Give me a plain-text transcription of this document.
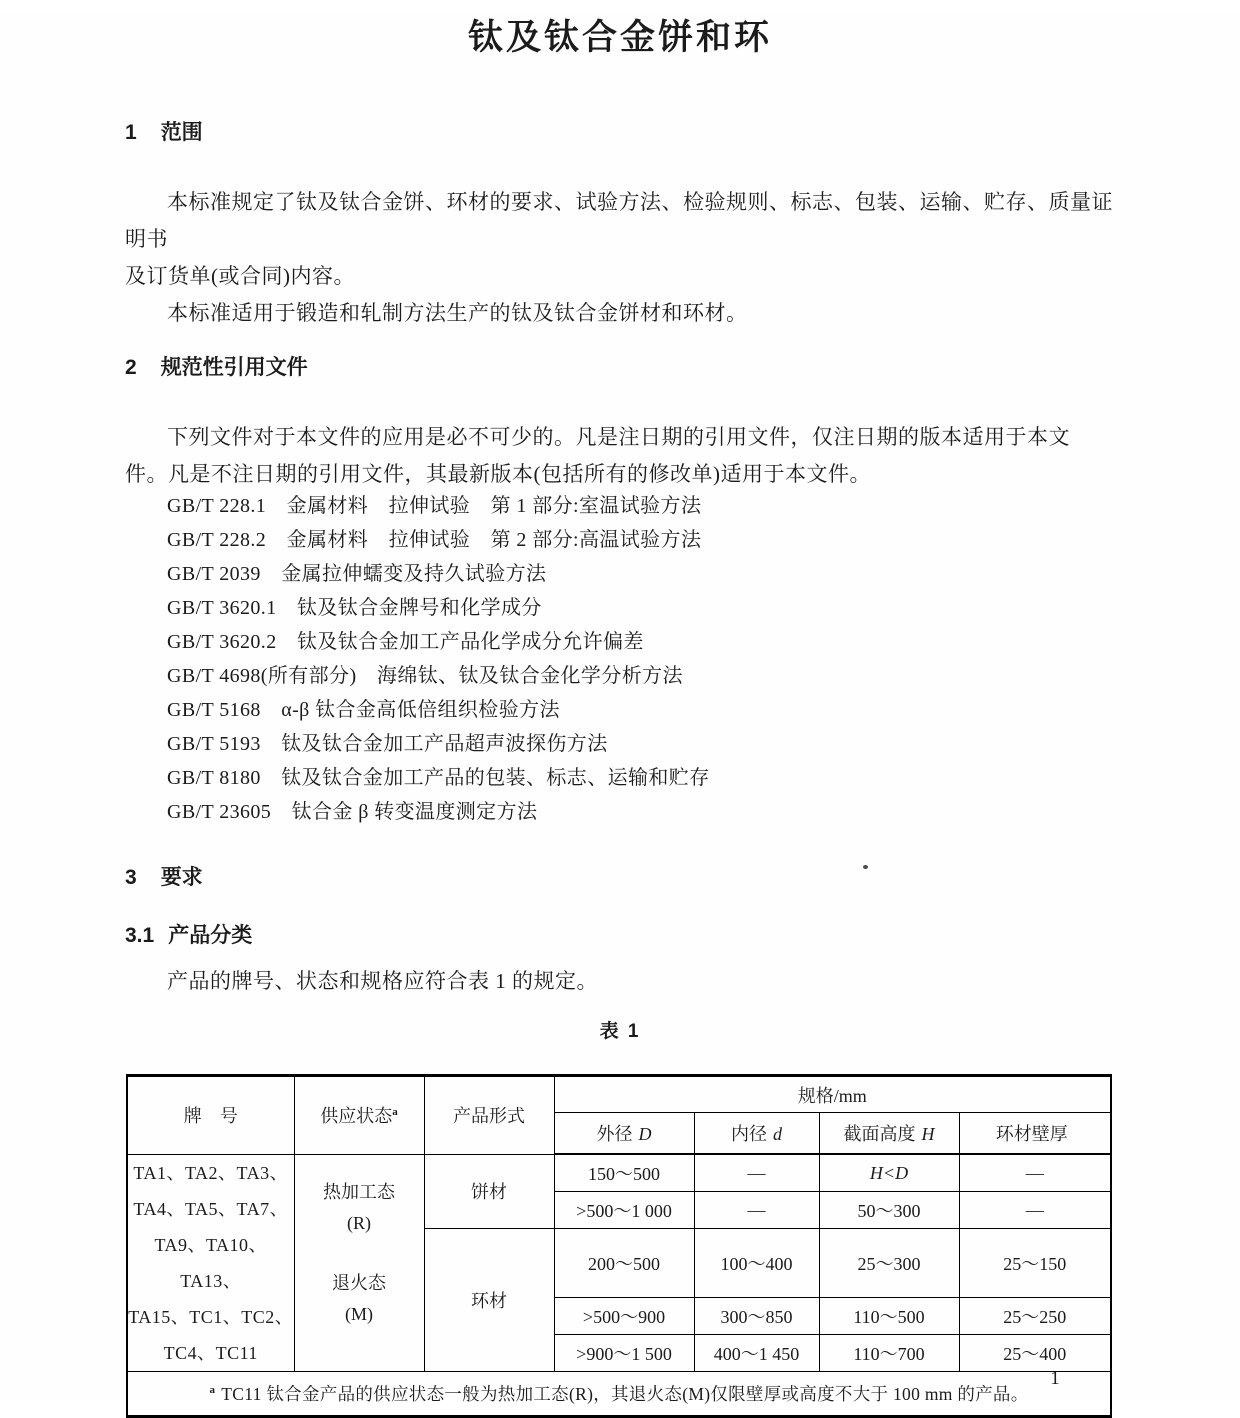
钛及钛合金饼和环
1 范围
本标准规定了钛及钛合金饼、环材的要求、试验方法、检验规则、标志、包装、运输、贮存、质量证明书
及订货单(或合同)内容。
本标准适用于锻造和轧制方法生产的钛及钛合金饼材和环材。
2 规范性引用文件
下列文件对于本文件的应用是必不可少的。凡是注日期的引用文件，仅注日期的版本适用于本文
件。凡是不注日期的引用文件，其最新版本(包括所有的修改单)适用于本文件。
GB/T 228.1　金属材料　拉伸试验　第 1 部分:室温试验方法
GB/T 228.2　金属材料　拉伸试验　第 2 部分:高温试验方法
GB/T 2039　金属拉伸蠕变及持久试验方法
GB/T 3620.1　钛及钛合金牌号和化学成分
GB/T 3620.2　钛及钛合金加工产品化学成分允许偏差
GB/T 4698(所有部分)　海绵钛、钛及钛合金化学分析方法
GB/T 5168　α-β 钛合金高低倍组织检验方法
GB/T 5193　钛及钛合金加工产品超声波探伤方法
GB/T 8180　钛及钛合金加工产品的包装、标志、运输和贮存
GB/T 23605　钛合金 β 转变温度测定方法
3 要求
3.1 产品分类
产品的牌号、状态和规格应符合表 1 的规定。
表 1
牌　号	供应状态$^a$	产品形式	规格/mm			
			外径 D	内径 d	截面高度 H	环材壁厚

TA1、TA2、TA3、
TA4、TA5、TA7、
TA9、TA10、TA13、
TA15、TC1、TC2、
TC4、TC11

热加工态
(R)
退火态
(M)
	饼材	150～500	—	H<D	—
			>500～1 000	—	50～300	—
		环材	200～500	100～400	25～300	25～150
			>500～900	300～850	110～500	25～250
			>900～1 500	400～1 450	110～700	25～400
$^a$ TC11 钛合金产品的供应状态一般为热加工态(R)，其退火态(M)仅限壁厚或高度不大于 100 mm 的产品。						
1
